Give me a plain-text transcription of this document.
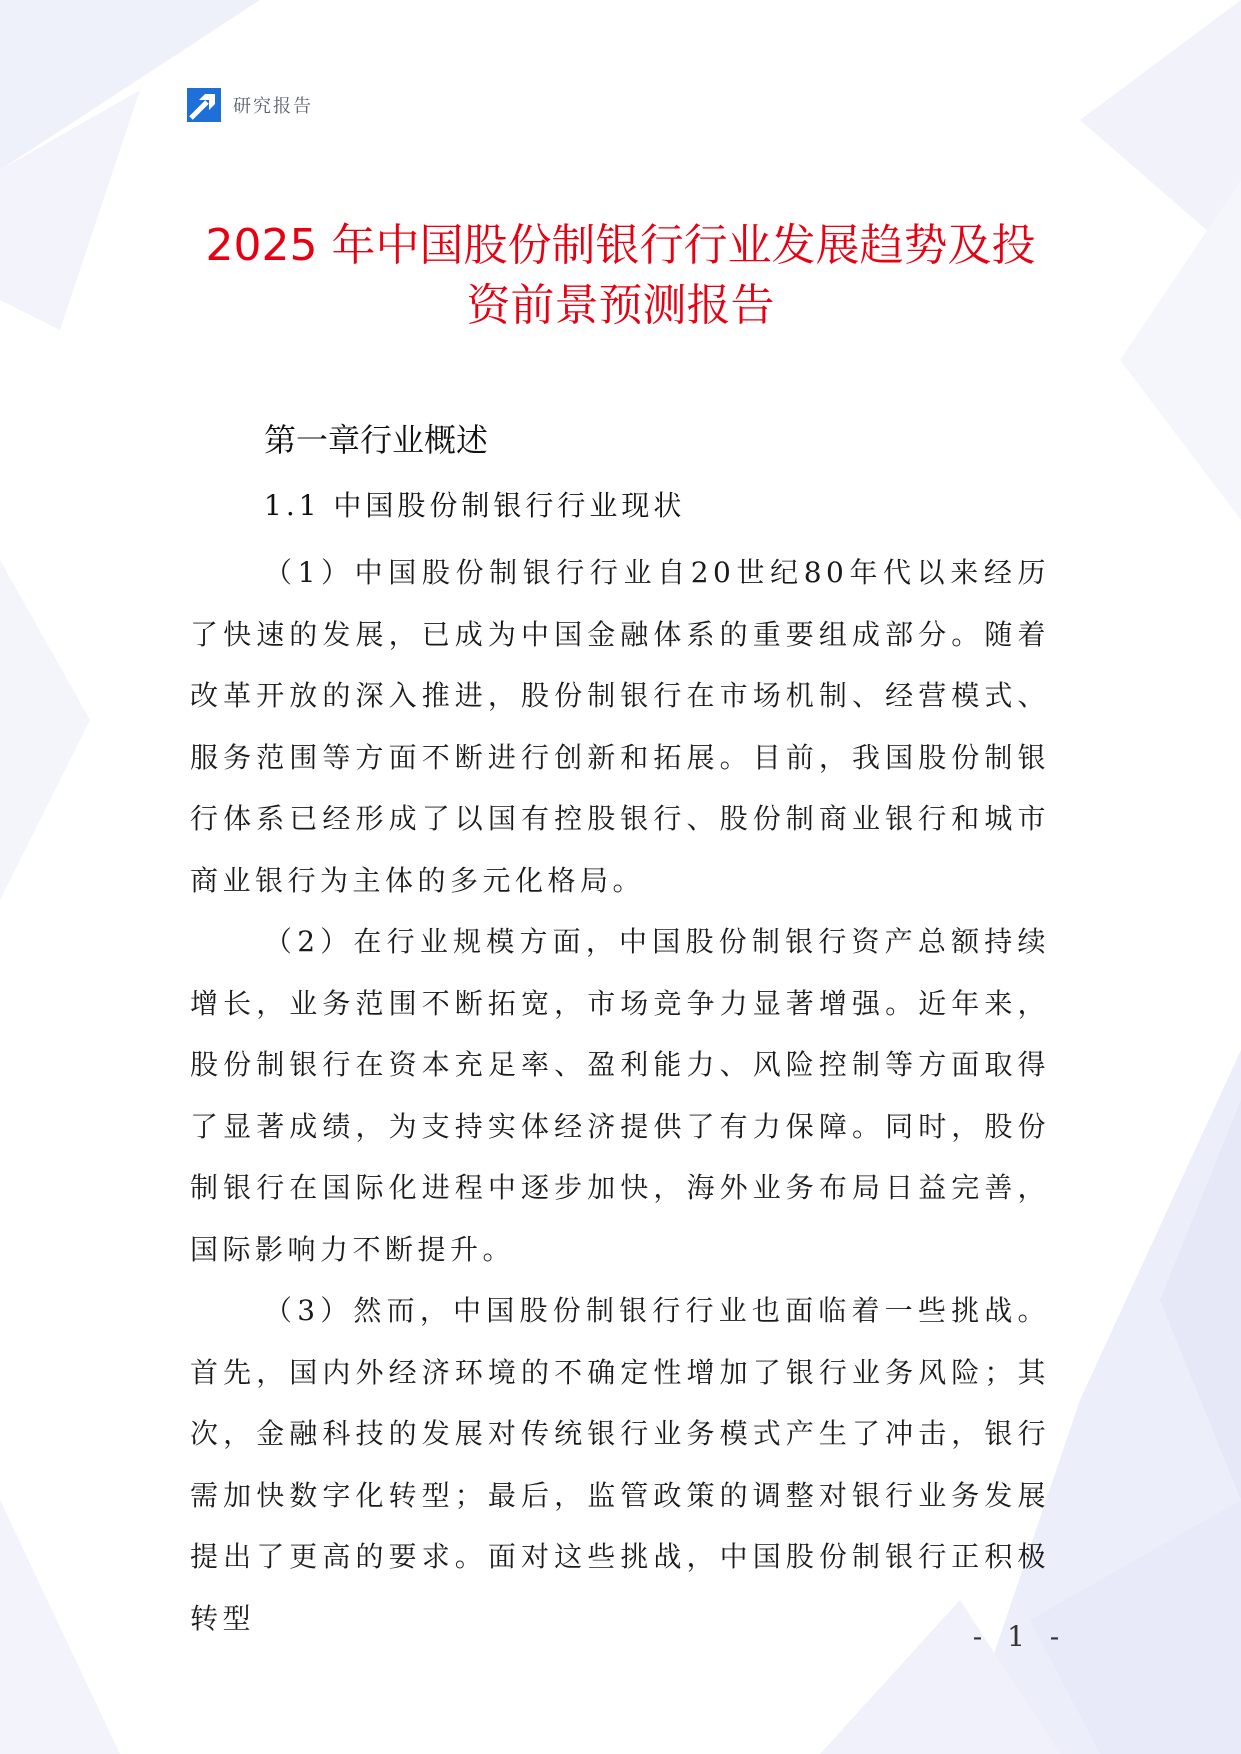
研究报告
2025 年中国股份制银行行业发展趋势及投
资前景预测报告
第一章行业概述
1.1 中国股份制银行行业现状

（1）中国股份制银行行业自20世纪80年代以来经历了快速的发展，已成为中国金融体系的重要组成部分。随着改革开放的深入推进，股份制银行在市场机制、经营模式、服务范围等方面不断进行创新和拓展。目前，我国股份制银行体系已经形成了以国有控股银行、股份制商业银行和城市商业银行为主体的多元化格局。

（2）在行业规模方面，中国股份制银行资产总额持续增长，业务范围不断拓宽，市场竞争力显著增强。近年来，股份制银行在资本充足率、盈利能力、风险控制等方面取得了显著成绩，为支持实体经济提供了有力保障。同时，股份制银行在国际化进程中逐步加快，海外业务布局日益完善，国际影响力不断提升。

（3）然而，中国股份制银行行业也面临着一些挑战。首先，国内外经济环境的不确定性增加了银行业务风险；其次，金融科技的发展对传统银行业务模式产生了冲击，银行需加快数字化转型；最后，监管政策的调整对银行业务发展提出了更高的要求。面对这些挑战，中国股份制银行正积极转型

- 1 -
